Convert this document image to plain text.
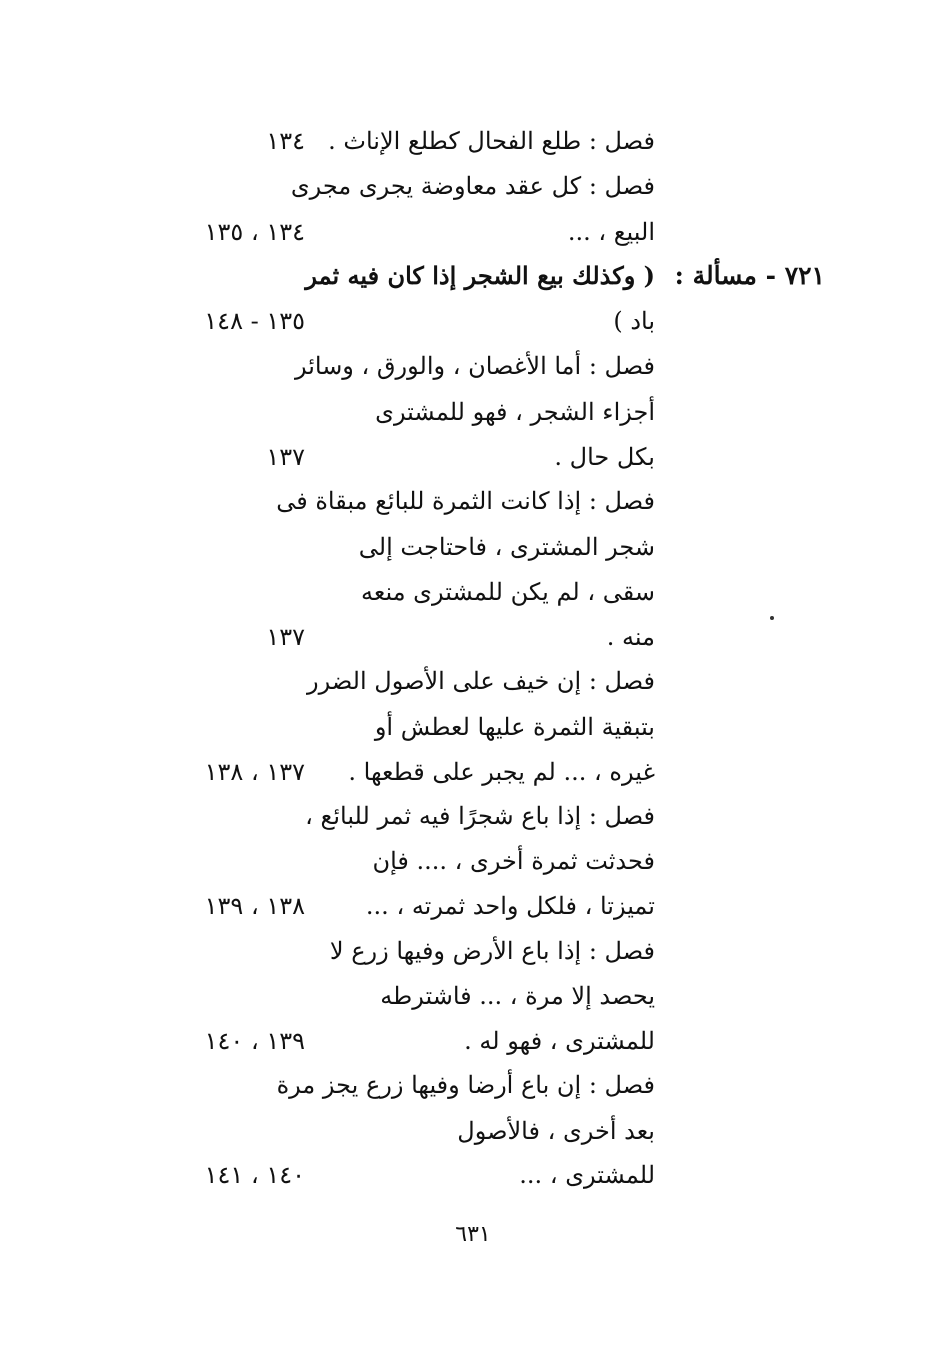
فصل : طلع الفحال كطلع الإناث .
١٣٤
فصل : كل عقد معاوضة يجرى مجرى
البيع ، ...
١٣٤ ، ١٣٥
باد )
١٣٥ - ١٤٨
فصل : أما الأغصان ، والورق ، وسائر
أجزاء الشجر ، فهو للمشترى
بكل حال .
١٣٧
فصل : إذا كانت الثمرة للبائع مبقاة فى
شجر المشترى ، فاحتاجت إلى
سقى ، لم يكن للمشترى منعه
منه .
١٣٧
فصل : إن خيف على الأصول الضرر
بتبقية الثمرة عليها لعطش أو
غيره ، ... لم يجبر على قطعها .
١٣٧ ، ١٣٨
فصل : إذا باع شجرًا فيه ثمر للبائع ،
فحدثت ثمرة أخرى ، .... فإن
تميزتا ، فلكل واحد ثمرته ، ...
١٣٨ ، ١٣٩
فصل : إذا باع الأرض وفيها زرع لا
يحصد إلا مرة ، ... فاشترطه
للمشترى ، فهو له .
١٣٩ ، ١٤٠
فصل : إن باع أرضا وفيها زرع يجز مرة
بعد أخرى ، فالأصول
للمشترى ، ...
١٤٠ ، ١٤١
٧٢١ - مسألة :
( وكذلك بيع الشجر إذا كان فيه ثمر
٦٣١
